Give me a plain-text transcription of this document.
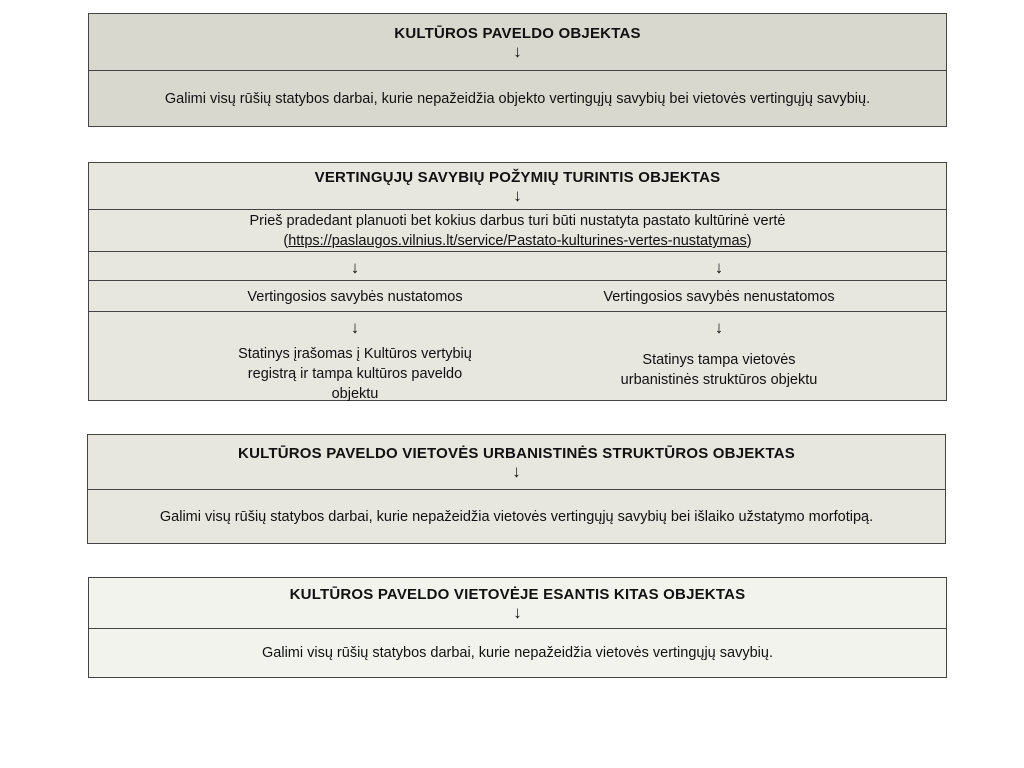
KULTŪROS PAVELDO OBJEKTAS
↓
Galimi visų rūšių statybos darbai, kurie nepažeidžia objekto vertingųjų savybių bei vietovės vertingųjų savybių.
VERTINGŲJŲ SAVYBIŲ POŽYMIŲ TURINTIS OBJEKTAS
↓
Prieš pradedant planuoti bet kokius darbus turi būti nustatyta pastato kultūrinė vertė
(https://paslaugos.vilnius.lt/service/Pastato-kulturines-vertes-nustatymas)
↓	↓
Vertingosios savybės nustatomos	Vertingosios savybės nenustatomos
↓
Statinys įrašomas į Kultūros vertybių registrą ir tampa kultūros paveldo objektu
↓
Statinys tampa vietovės urbanistinės struktūros objektu
KULTŪROS PAVELDO VIETOVĖS URBANISTINĖS STRUKTŪROS OBJEKTAS
↓
Galimi visų rūšių statybos darbai, kurie nepažeidžia vietovės vertingųjų savybių bei išlaiko užstatymo morfotipą.
KULTŪROS PAVELDO VIETOVĖJE ESANTIS KITAS OBJEKTAS
↓
Galimi visų rūšių statybos darbai, kurie nepažeidžia vietovės vertingųjų savybių.
